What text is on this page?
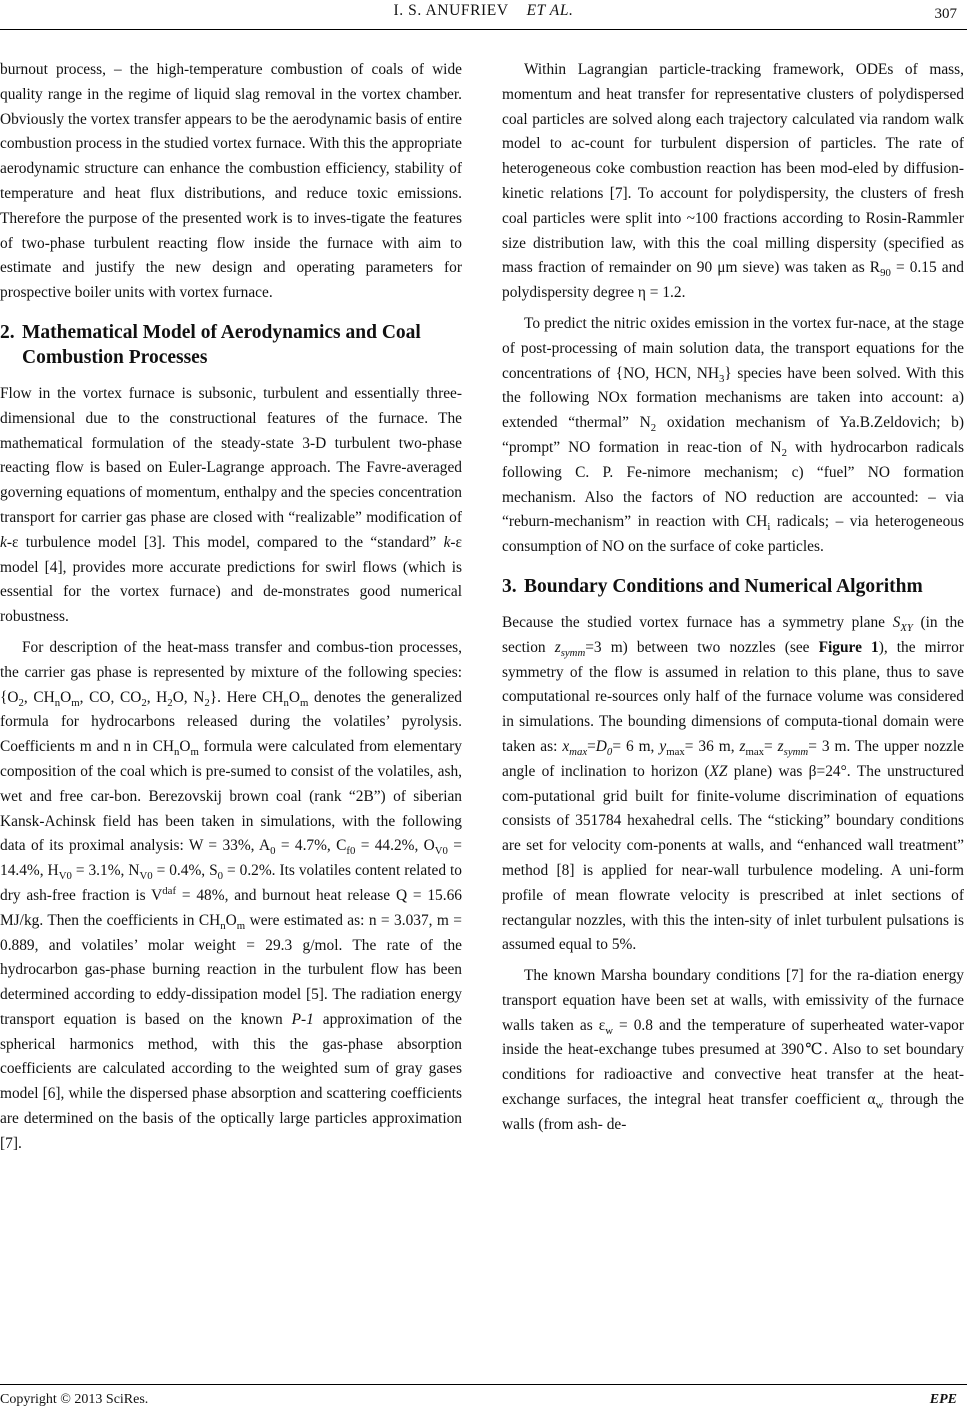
I. S. ANUFRIEV ET AL.	307

burnout process, – the high-temperature combustion of coals of wide quality range in the regime of liquid slag removal in the vortex chamber. Obviously the vortex transfer appears to be the aerodynamic basis of entire combustion process in the studied vortex furnace. With this the appropriate aerodynamic structure can enhance the combustion efficiency, stability of temperature and heat flux distributions, and reduce toxic emissions. Therefore the purpose of the presented work is to inves-tigate the features of two-phase turbulent reacting flow inside the furnace with aim to estimate and justify the new design and operating parameters for prospective boiler units with vortex furnace.

2. Mathematical Model of Aerodynamics and Coal Combustion Processes

Flow in the vortex furnace is subsonic, turbulent and essentially three-dimensional due to the constructional features of the furnace. The mathematical formulation of the steady-state 3-D turbulent two-phase reacting flow is based on Euler-Lagrange approach. The Favre-averaged governing equations of momentum, enthalpy and the species concentration transport for carrier gas phase are closed with “realizable” modification of k-ε turbulence model [3]. This model, compared to the “standard” k-ε model [4], provides more accurate predictions for swirl flows (which is essential for the vortex furnace) and de-monstrates good numerical robustness.

For description of the heat-mass transfer and combus-tion processes, the carrier gas phase is represented by mixture of the following species: {$O_2$, $CH_nO_m$, CO, $CO_2$, $H_2O$, $N_2$}. Here $CH_nO_m$ denotes the generalized formula for hydrocarbons released during the volatiles’ pyrolysis. Coefficients m and n in $CH_nO_m$ formula were calculated from elementary composition of the coal which is pre-sumed to consist of the volatiles, ash, wet and free car-bon. Berezovskij brown coal (rank “2B”) of siberian Kansk-Achinsk field has been taken in simulations, with the following data of its proximal analysis: W = 33%, $A_0 = 4.7\%$, $C_{f0} = 44.2\%$, $O_{V0} = 14.4\%$, $H_{V0} = 3.1\%$, $N_{V0} = 0.4\%$, $S_0 = 0.2\%$. Its volatiles content related to dry ash-free fraction is $V^{daf} = 48\%$, and burnout heat release Q = 15.66 MJ/kg. Then the coefficients in $CH_nO_m$ were estimated as: n = 3.037, m = 0.889, and volatiles’ molar weight = 29.3 g/mol. The rate of the hydrocarbon gas-phase burning reaction in the turbulent flow has been determined according to eddy-dissipation model [5]. The radiation energy transport equation is based on the known P-1 approximation of the spherical harmonics method, with this the gas-phase absorption coefficients are calculated according to the weighted sum of gray gases model [6], while the dispersed phase absorption and scattering coefficients are determined on the basis of the optically large particles approximation [7].

Within Lagrangian particle-tracking framework, ODEs of mass, momentum and heat transfer for representative clusters of polydispersed coal particles are solved along each trajectory calculated via random walk model to ac-count for turbulent dispersion of particles. The rate of heterogeneous coke combustion reaction has been mod-eled by diffusion-kinetic relations [7]. To account for polydispersity, the clusters of fresh coal particles were split into ~100 fractions according to Rosin-Rammler size distribution law, with this the coal milling dispersity (specified as mass fraction of remainder on 90 μm sieve) was taken as $R_{90} = 0.15$ and polydispersity degree η = 1.2.

To predict the nitric oxides emission in the vortex fur-nace, at the stage of post-processing of main solution data, the transport equations for the concentrations of {NO, HCN, $NH_3$} species have been solved. With this the following NOx formation mechanisms are taken into account: a) extended “thermal” $N_2$ oxidation mechanism of Ya.B.Zeldovich; b) “prompt” NO formation in reac-tion of $N_2$ with hydrocarbon radicals following C. P. Fe-nimore mechanism; c) “fuel” NO formation mechanism. Also the factors of NO reduction are accounted: – via “reburn-mechanism” in reaction with $CH_i$ radicals; – via heterogeneous consumption of NO on the surface of coke particles.

3. Boundary Conditions and Numerical Algorithm

Because the studied vortex furnace has a symmetry plane $S_{XY}$ (in the section $z_{symm}=3$ m) between two nozzles (see Figure 1), the mirror symmetry of the flow is assumed in relation to this plane, thus to save computational re-sources only half of the furnace volume was considered in simulations. The bounding dimensions of computa-tional domain were taken as: $x_{max}=D_0= 6$ m, $y_{max}= 36$ m, $z_{max}= z_{symm}= 3$ m. The upper nozzle angle of inclination to horizon (XZ plane) was β=24°. The unstructured com-putational grid built for finite-volume discrimination of equations consists of 351784 hexahedral cells. The “sticking” boundary conditions are set for velocity com-ponents at walls, and “enhanced wall treatment” method [8] is applied for near-wall turbulence modeling. A uni-form profile of mean flowrate velocity is prescribed at inlet sections of rectangular nozzles, with this the inten-sity of inlet turbulent pulsations is assumed equal to 5%.

The known Marsha boundary conditions [7] for the ra-diation energy transport equation have been set at walls, with emissivity of the furnace walls taken as $\varepsilon_w = 0.8$ and the temperature of superheated water-vapor inside the heat-exchange tubes presumed at 390℃. Also to set boundary conditions for radioactive and convective heat transfer at the heat-exchange surfaces, the integral heat transfer coefficient $\alpha_w$ through the walls (from ash- de-

Copyright © 2013 SciRes.	EPE
